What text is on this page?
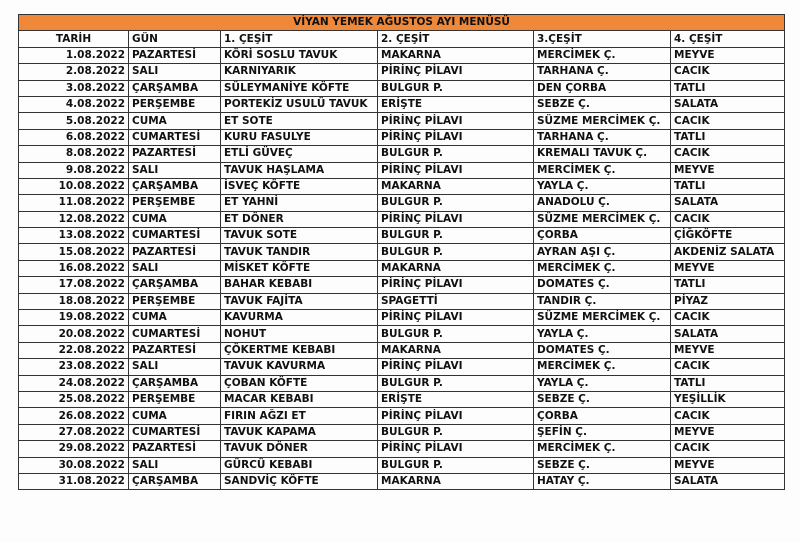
VİYAN YEMEK AĞUSTOS AYI MENÜSÜ					
TARİH	GÜN	1. ÇEŞİT	2. ÇEŞİT	3.ÇEŞİT	4. ÇEŞİT
1.08.2022	PAZARTESİ	KÖRİ SOSLU TAVUK	MAKARNA	MERCİMEK Ç.	MEYVE
2.08.2022	SALI	KARNIYARIK	PİRİNÇ PİLAVI	TARHANA Ç.	CACIK
3.08.2022	ÇARŞAMBA	SÜLEYMANİYE KÖFTE	BULGUR P.	DEN ÇORBA	TATLI
4.08.2022	PERŞEMBE	PORTEKİZ USULÜ TAVUK	ERİŞTE	SEBZE Ç.	SALATA
5.08.2022	CUMA	ET SOTE	PİRİNÇ PİLAVI	SÜZME MERCİMEK Ç.	CACIK
6.08.2022	CUMARTESİ	KURU FASULYE	PİRİNÇ PİLAVI	TARHANA Ç.	TATLI
8.08.2022	PAZARTESİ	ETLİ GÜVEÇ	BULGUR P.	KREMALI TAVUK Ç.	CACIK
9.08.2022	SALI	TAVUK HAŞLAMA	PİRİNÇ PİLAVI	MERCİMEK Ç.	MEYVE
10.08.2022	ÇARŞAMBA	İSVEÇ KÖFTE	MAKARNA	YAYLA Ç.	TATLI
11.08.2022	PERŞEMBE	ET YAHNİ	BULGUR P.	ANADOLU Ç.	SALATA
12.08.2022	CUMA	ET DÖNER	PİRİNÇ PİLAVI	SÜZME MERCİMEK Ç.	CACIK
13.08.2022	CUMARTESİ	TAVUK SOTE	BULGUR P.	ÇORBA	ÇİĞKÖFTE
15.08.2022	PAZARTESİ	TAVUK TANDIR	BULGUR P.	AYRAN AŞI Ç.	AKDENİZ SALATA
16.08.2022	SALI	MİSKET KÖFTE	MAKARNA	MERCİMEK Ç.	MEYVE
17.08.2022	ÇARŞAMBA	BAHAR KEBABI	PİRİNÇ PİLAVI	DOMATES Ç.	TATLI
18.08.2022	PERŞEMBE	TAVUK FAJİTA	SPAGETTİ	TANDIR Ç.	PİYAZ
19.08.2022	CUMA	KAVURMA	PİRİNÇ PİLAVI	SÜZME MERCİMEK Ç.	CACIK
20.08.2022	CUMARTESİ	NOHUT	BULGUR P.	YAYLA Ç.	SALATA
22.08.2022	PAZARTESİ	ÇÖKERTME KEBABI	MAKARNA	DOMATES Ç.	MEYVE
23.08.2022	SALI	TAVUK KAVURMA	PİRİNÇ PİLAVI	MERCİMEK Ç.	CACIK
24.08.2022	ÇARŞAMBA	ÇOBAN KÖFTE	BULGUR P.	YAYLA Ç.	TATLI
25.08.2022	PERŞEMBE	MACAR KEBABI	ERİŞTE	SEBZE Ç.	YEŞİLLİK
26.08.2022	CUMA	FIRIN AĞZI ET	PİRİNÇ PİLAVI	ÇORBA	CACIK
27.08.2022	CUMARTESİ	TAVUK KAPAMA	BULGUR P.	ŞEFİN Ç.	MEYVE
29.08.2022	PAZARTESİ	TAVUK DÖNER	PİRİNÇ PİLAVI	MERCİMEK Ç.	CACIK
30.08.2022	SALI	GÜRCÜ KEBABI	BULGUR P.	SEBZE Ç.	MEYVE
31.08.2022	ÇARŞAMBA	SANDVİÇ KÖFTE	MAKARNA	HATAY Ç.	SALATA
